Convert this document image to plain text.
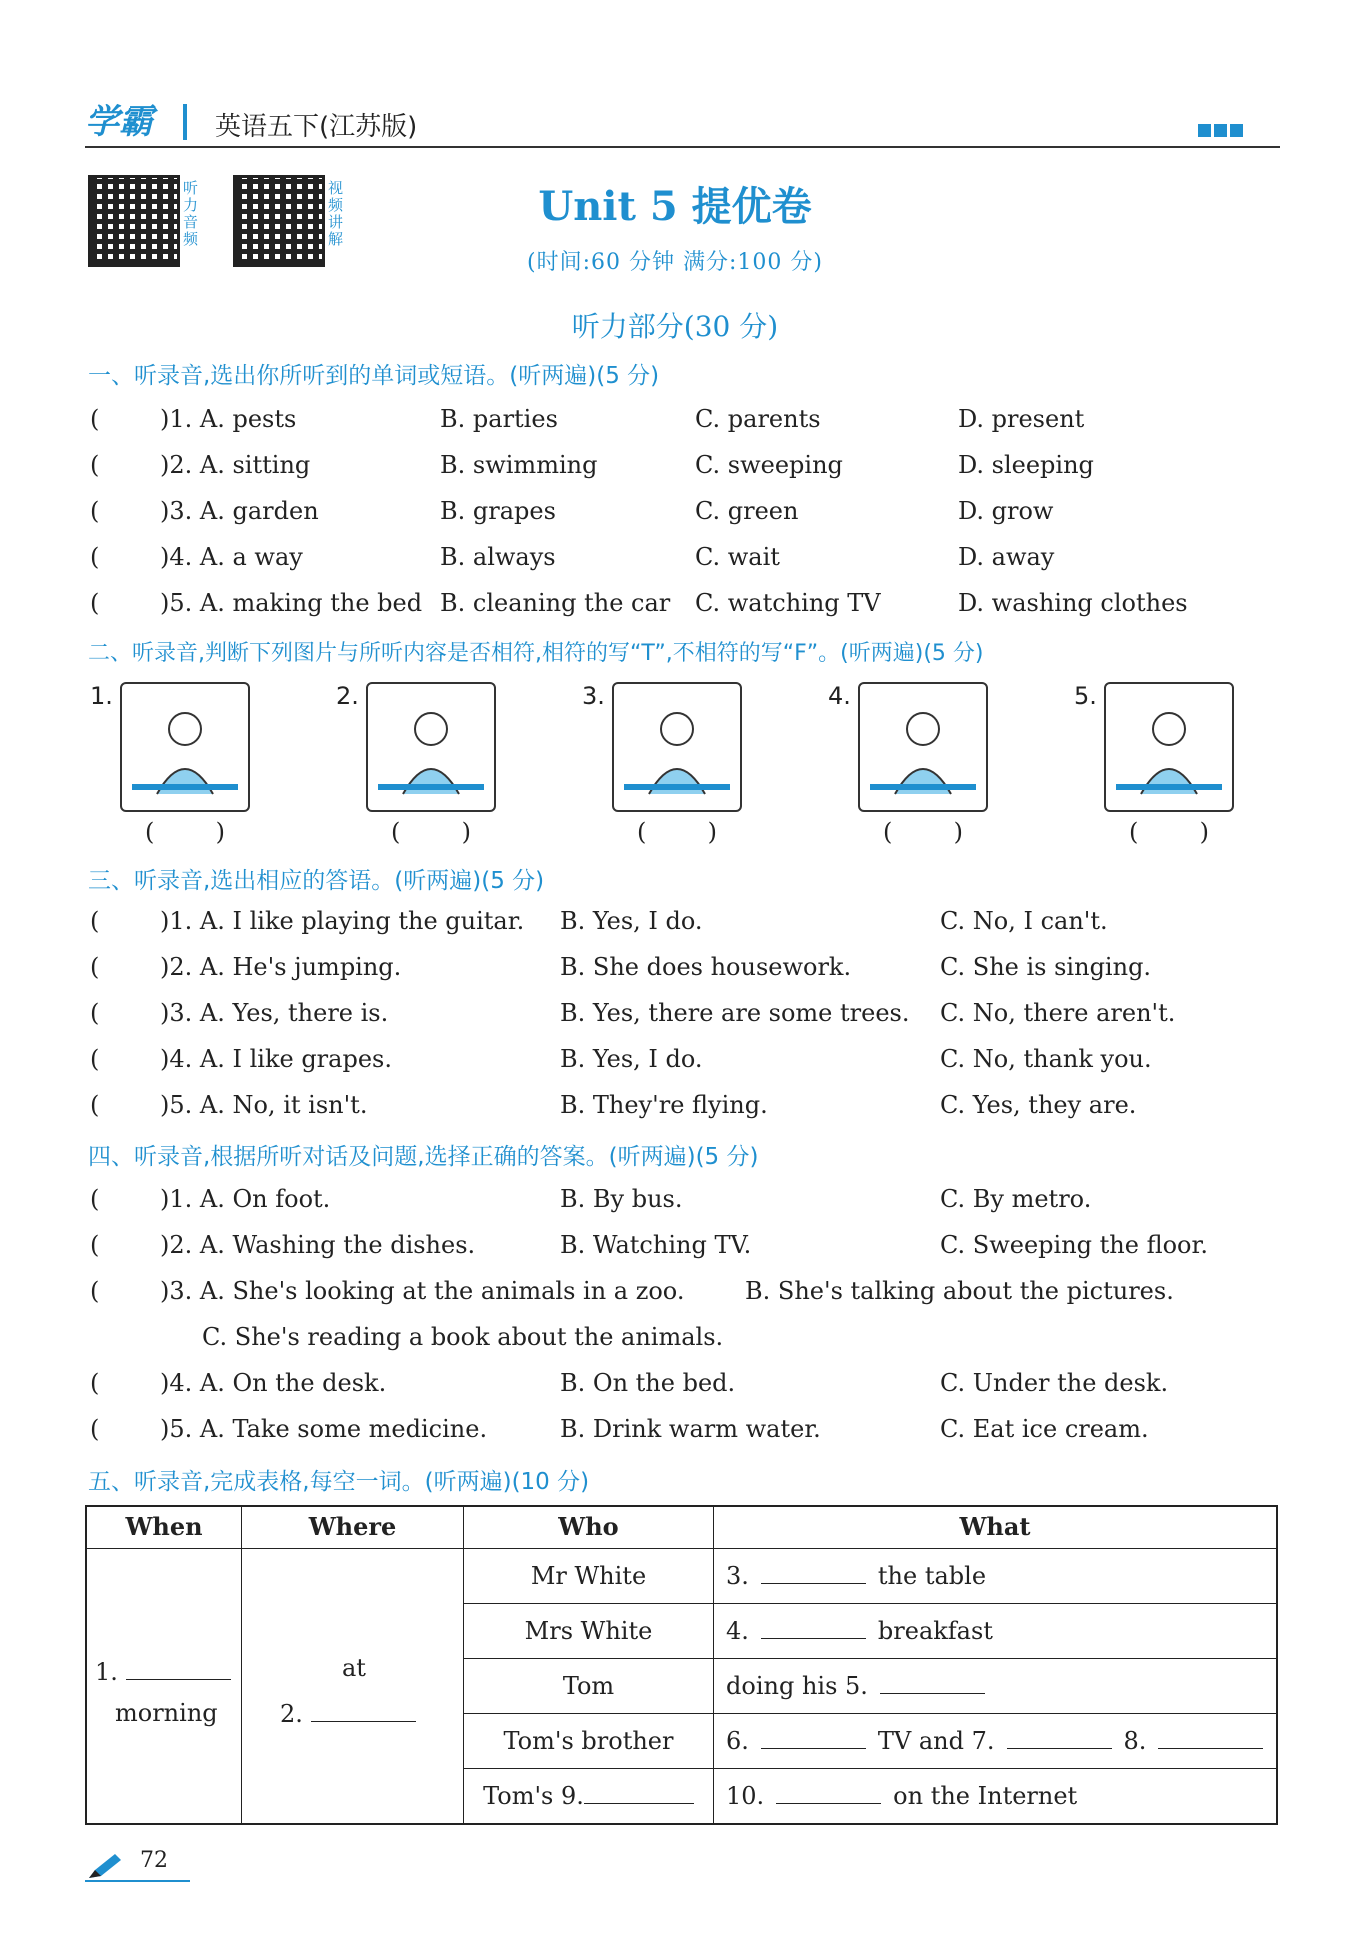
学霸 英语五下(江苏版)
听力音频
视频讲解
Unit 5 提优卷
(时间:60 分钟 满分:100 分)
听力部分(30 分)
一、听录音,选出你所听到的单词或短语。(听两遍)(5 分)
(	)1. A. pests	B. parties	C. parents	D. present
(	)2. A. sitting	B. swimming	C. sweeping	D. sleeping
(	)3. A. garden	B. grapes	C. green	D. grow
(	)4. A. a way	B. always	C. wait	D. away
(	)5. A. making the bed B. cleaning the car C. watching TV	D. washing clothes
二、听录音,判断下列图片与所听内容是否相符,相符的写“T”,不相符的写“F”。(听两遍)(5 分)
1.
(	)
2.
(	)
3.
(	)
4.
(	)
5.
(	)
三、听录音,选出相应的答语。(听两遍)(5 分)
(	)1. A. I like playing the guitar. B. Yes, I do.	C. No, I can't.
(	)2. A. He's jumping.	B. She does housework.	C. She is singing.
(	)3. A. Yes, there is.	B. Yes, there are some trees. C. No, there aren't.
(	)4. A. I like grapes.	B. Yes, I do.	C. No, thank you.
(	)5. A. No, it isn't.	B. They're flying.	C. Yes, they are.
四、听录音,根据所听对话及问题,选择正确的答案。(听两遍)(5 分)
(	)1. A. On foot.	B. By bus.	C. By metro.
(	)2. A. Washing the dishes.	B. Watching TV.	C. Sweeping the floor.
(	)3. A. She's looking at the animals in a zoo.	B. She's talking about the pictures.
C. She's reading a book about the animals.
(	)4. A. On the desk.	B. On the bed.	C. Under the desk.
(	)5. A. Take some medicine.	B. Drink warm water.	C. Eat ice cream.
五、听录音,完成表格,每空一词。(听两遍)(10 分)
When	Where	Who	What
1.
morning
at
2.
Mr White	3.	the table
Mrs White	4.	breakfast
Tom	doing his 5.
Tom's brother	6.	TV and 7.	8.
Tom's 9.	10.	on the Internet
72
